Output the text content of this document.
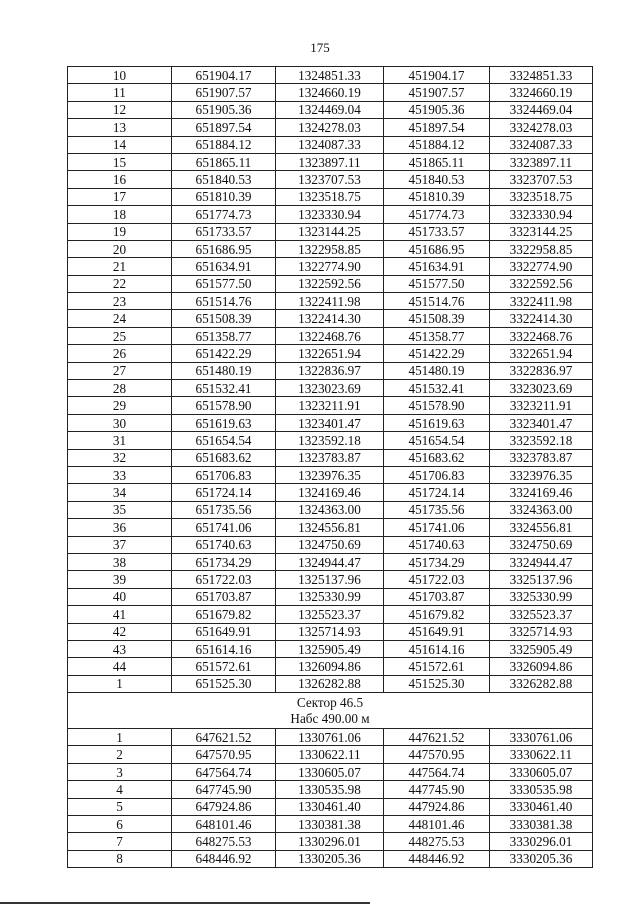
175
10	651904.17	1324851.33	451904.17	3324851.33
11	651907.57	1324660.19	451907.57	3324660.19
12	651905.36	1324469.04	451905.36	3324469.04
13	651897.54	1324278.03	451897.54	3324278.03
14	651884.12	1324087.33	451884.12	3324087.33
15	651865.11	1323897.11	451865.11	3323897.11
16	651840.53	1323707.53	451840.53	3323707.53
17	651810.39	1323518.75	451810.39	3323518.75
18	651774.73	1323330.94	451774.73	3323330.94
19	651733.57	1323144.25	451733.57	3323144.25
20	651686.95	1322958.85	451686.95	3322958.85
21	651634.91	1322774.90	451634.91	3322774.90
22	651577.50	1322592.56	451577.50	3322592.56
23	651514.76	1322411.98	451514.76	3322411.98
24	651508.39	1322414.30	451508.39	3322414.30
25	651358.77	1322468.76	451358.77	3322468.76
26	651422.29	1322651.94	451422.29	3322651.94
27	651480.19	1322836.97	451480.19	3322836.97
28	651532.41	1323023.69	451532.41	3323023.69
29	651578.90	1323211.91	451578.90	3323211.91
30	651619.63	1323401.47	451619.63	3323401.47
31	651654.54	1323592.18	451654.54	3323592.18
32	651683.62	1323783.87	451683.62	3323783.87
33	651706.83	1323976.35	451706.83	3323976.35
34	651724.14	1324169.46	451724.14	3324169.46
35	651735.56	1324363.00	451735.56	3324363.00
36	651741.06	1324556.81	451741.06	3324556.81
37	651740.63	1324750.69	451740.63	3324750.69
38	651734.29	1324944.47	451734.29	3324944.47
39	651722.03	1325137.96	451722.03	3325137.96
40	651703.87	1325330.99	451703.87	3325330.99
41	651679.82	1325523.37	451679.82	3325523.37
42	651649.91	1325714.93	451649.91	3325714.93
43	651614.16	1325905.49	451614.16	3325905.49
44	651572.61	1326094.86	451572.61	3326094.86
1	651525.30	1326282.88	451525.30	3326282.88

Сектор 46.5
Набс 490.00 м				

1	647621.52	1330761.06	447621.52	3330761.06
2	647570.95	1330622.11	447570.95	3330622.11
3	647564.74	1330605.07	447564.74	3330605.07
4	647745.90	1330535.98	447745.90	3330535.98
5	647924.86	1330461.40	447924.86	3330461.40
6	648101.46	1330381.38	448101.46	3330381.38
7	648275.53	1330296.01	448275.53	3330296.01
8	648446.92	1330205.36	448446.92	3330205.36
